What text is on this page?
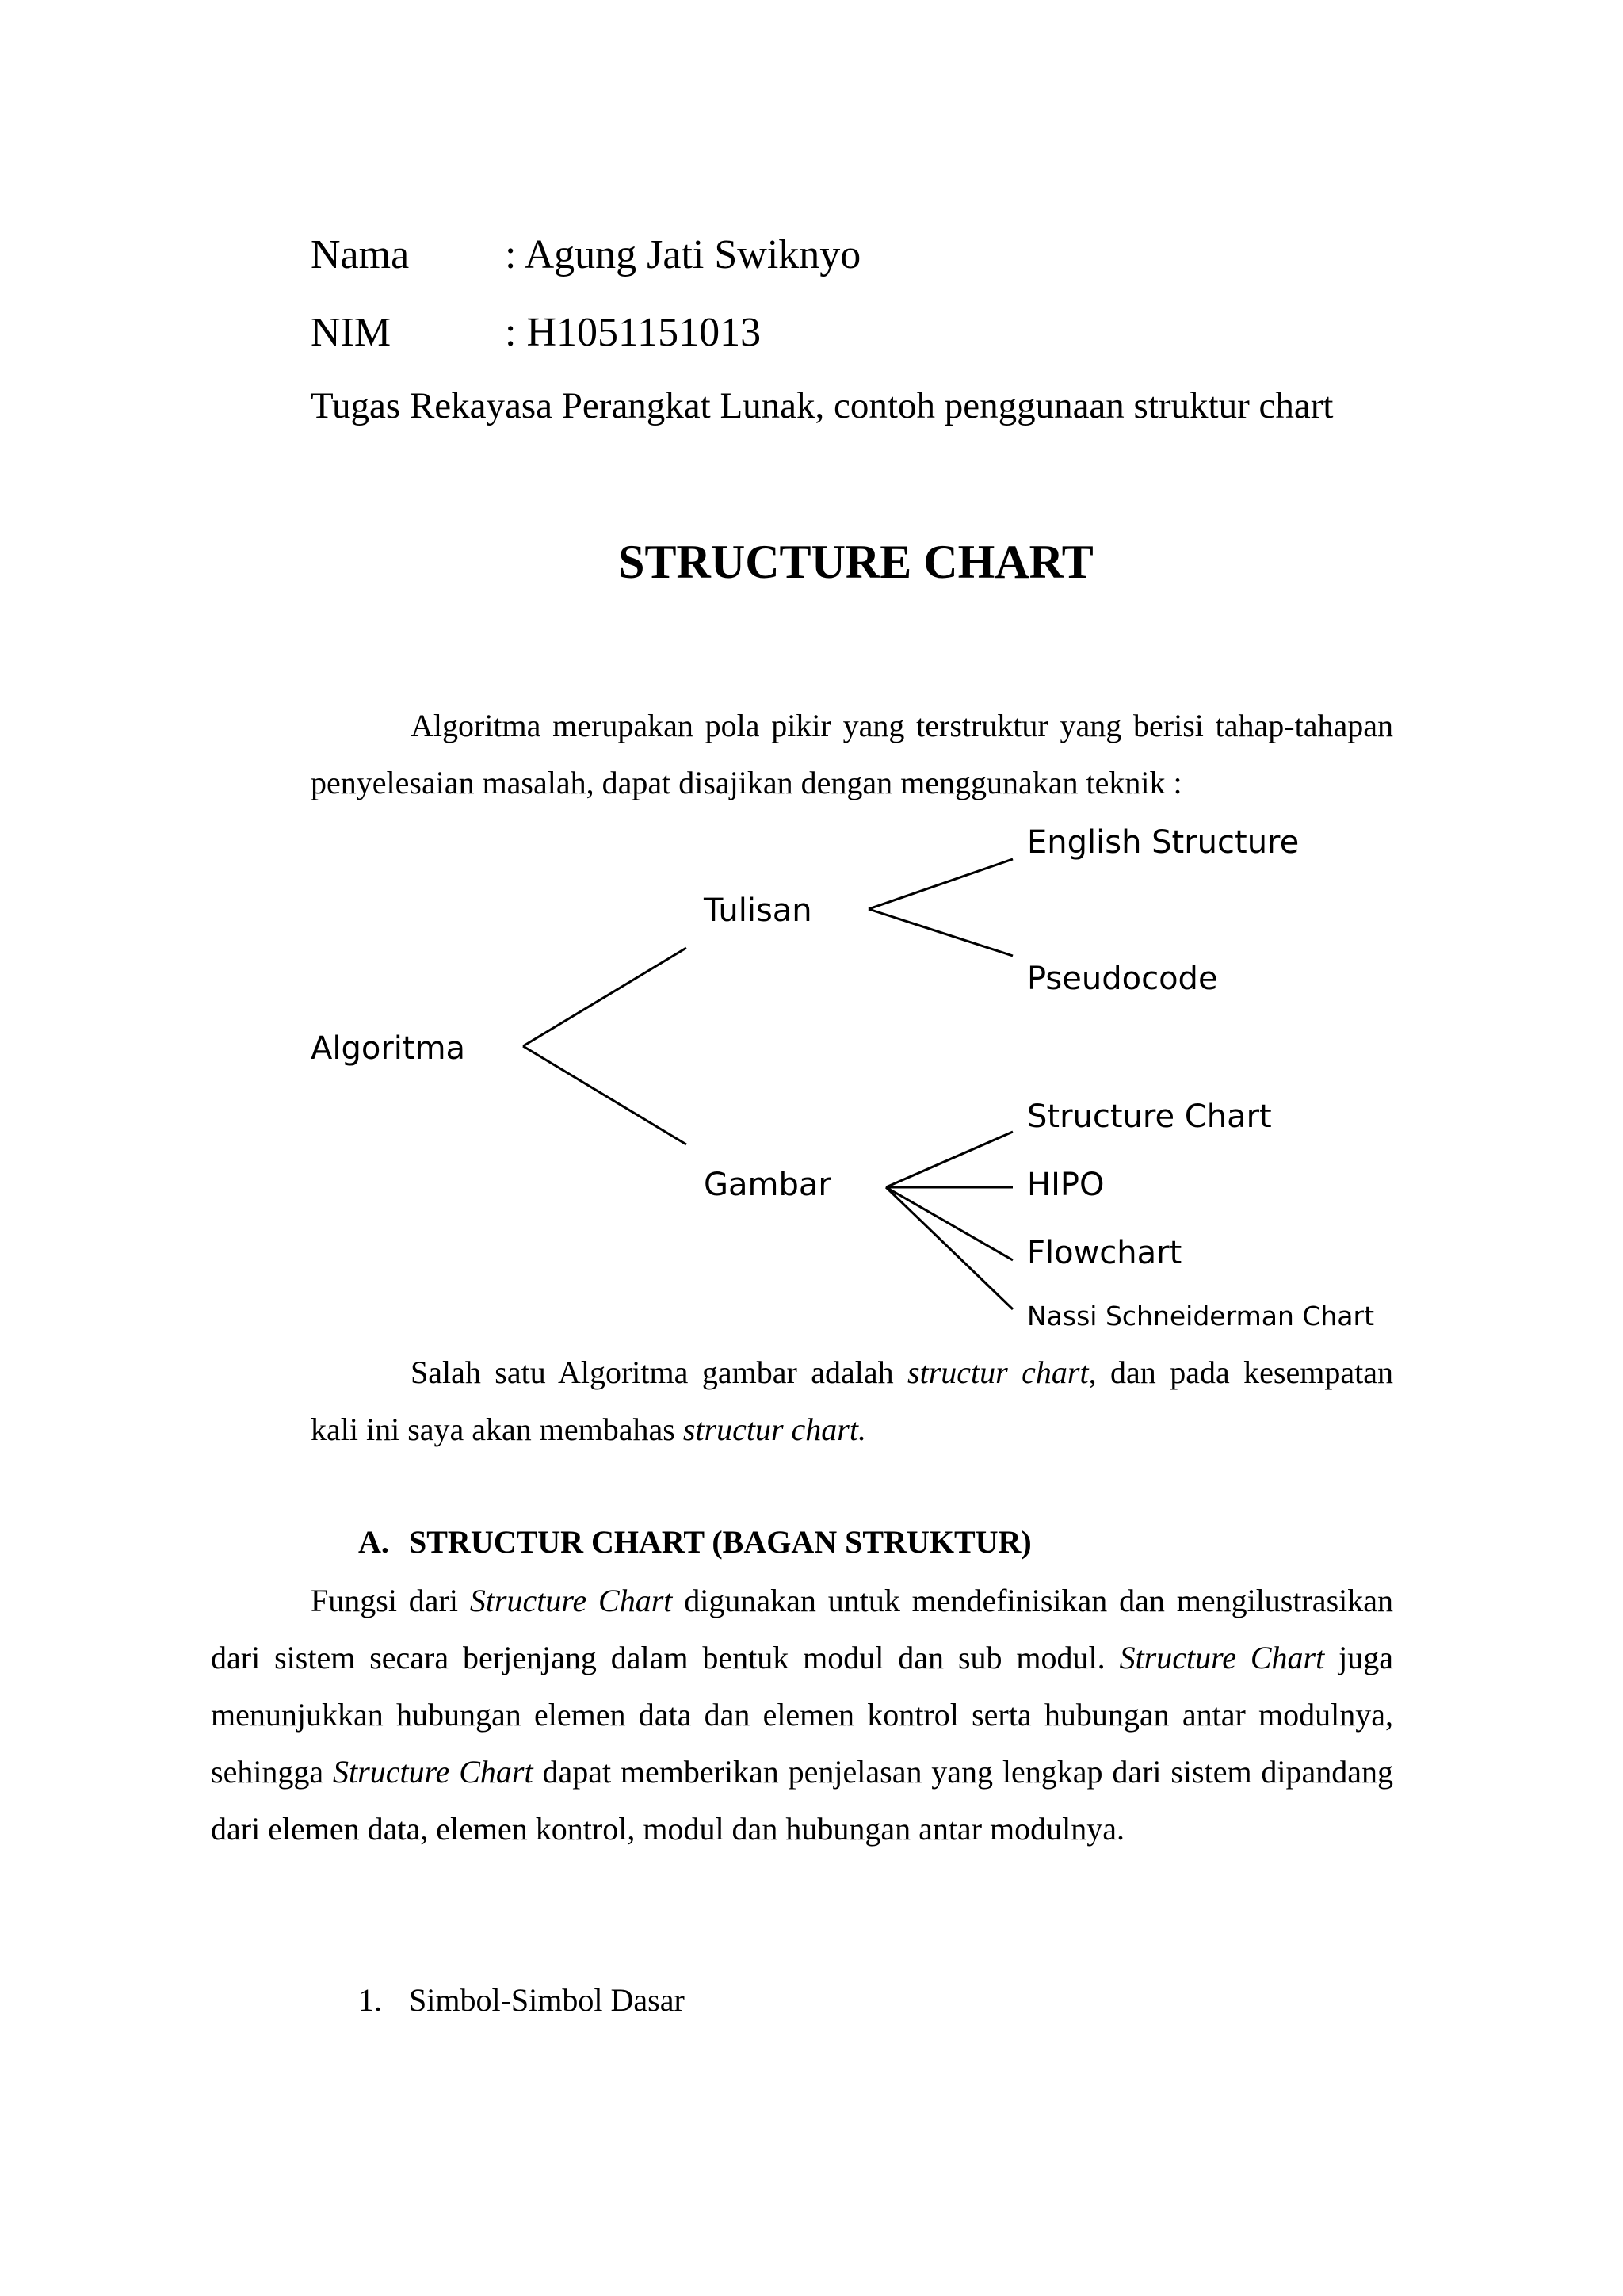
Nama : Agung Jati Swiknyo
NIM	: H1051151013
Tugas Rekayasa Perangkat Lunak, contoh penggunaan struktur chart
STRUCTURE CHART
Algoritma merupakan pola pikir yang terstruktur yang berisi tahap-tahapan
penyelesaian masalah, dapat disajikan dengan menggunakan teknik :
Algoritma
Tulisan
Gambar
English Structure
Pseudocode
Structure Chart
HIPO
Flowchart
Nassi Schneiderman Chart
Salah satu Algoritma gambar adalah structur chart, dan pada kesempatan
kali ini saya akan membahas structur chart.
A. STRUCTUR CHART (BAGAN STRUKTUR)
Fungsi dari Structure Chart digunakan untuk mendefinisikan dan mengilustrasikan dari sistem secara berjenjang dalam bentuk modul dan sub modul. Structure Chart juga menunjukkan hubungan elemen data dan elemen kontrol serta hubungan antar modulnya, sehingga Structure Chart dapat memberikan penjelasan yang lengkap dari sistem dipandang dari elemen data, elemen kontrol, modul dan hubungan antar modulnya.
1. Simbol-Simbol Dasar
